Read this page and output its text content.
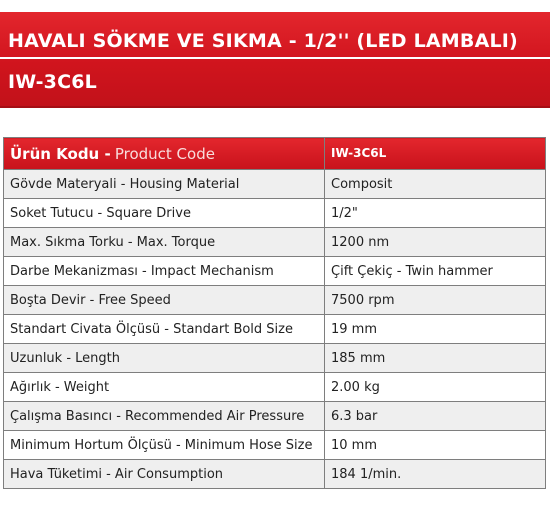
HAVALI SÖKME VE SIKMA - 1/2'' (LED LAMBALI)
IW-3C6L
Ürün Kodu - Product Code	IW-3C6L
Gövde Materyali - Housing Material	Composit
Soket Tutucu - Square Drive	1/2"
Max. Sıkma Torku - Max. Torque	1200 nm
Darbe Mekanizması - Impact Mechanism	Çift Çekiç - Twin hammer
Boşta Devir - Free Speed	7500 rpm
Standart Civata Ölçüsü - Standart Bold Size	19 mm
Uzunluk - Length	185 mm
Ağırlık - Weight	2.00 kg
Çalışma Basıncı - Recommended Air Pressure	6.3 bar
Minimum Hortum Ölçüsü - Minimum Hose Size	10 mm
Hava Tüketimi - Air Consumption	184 1/min.
